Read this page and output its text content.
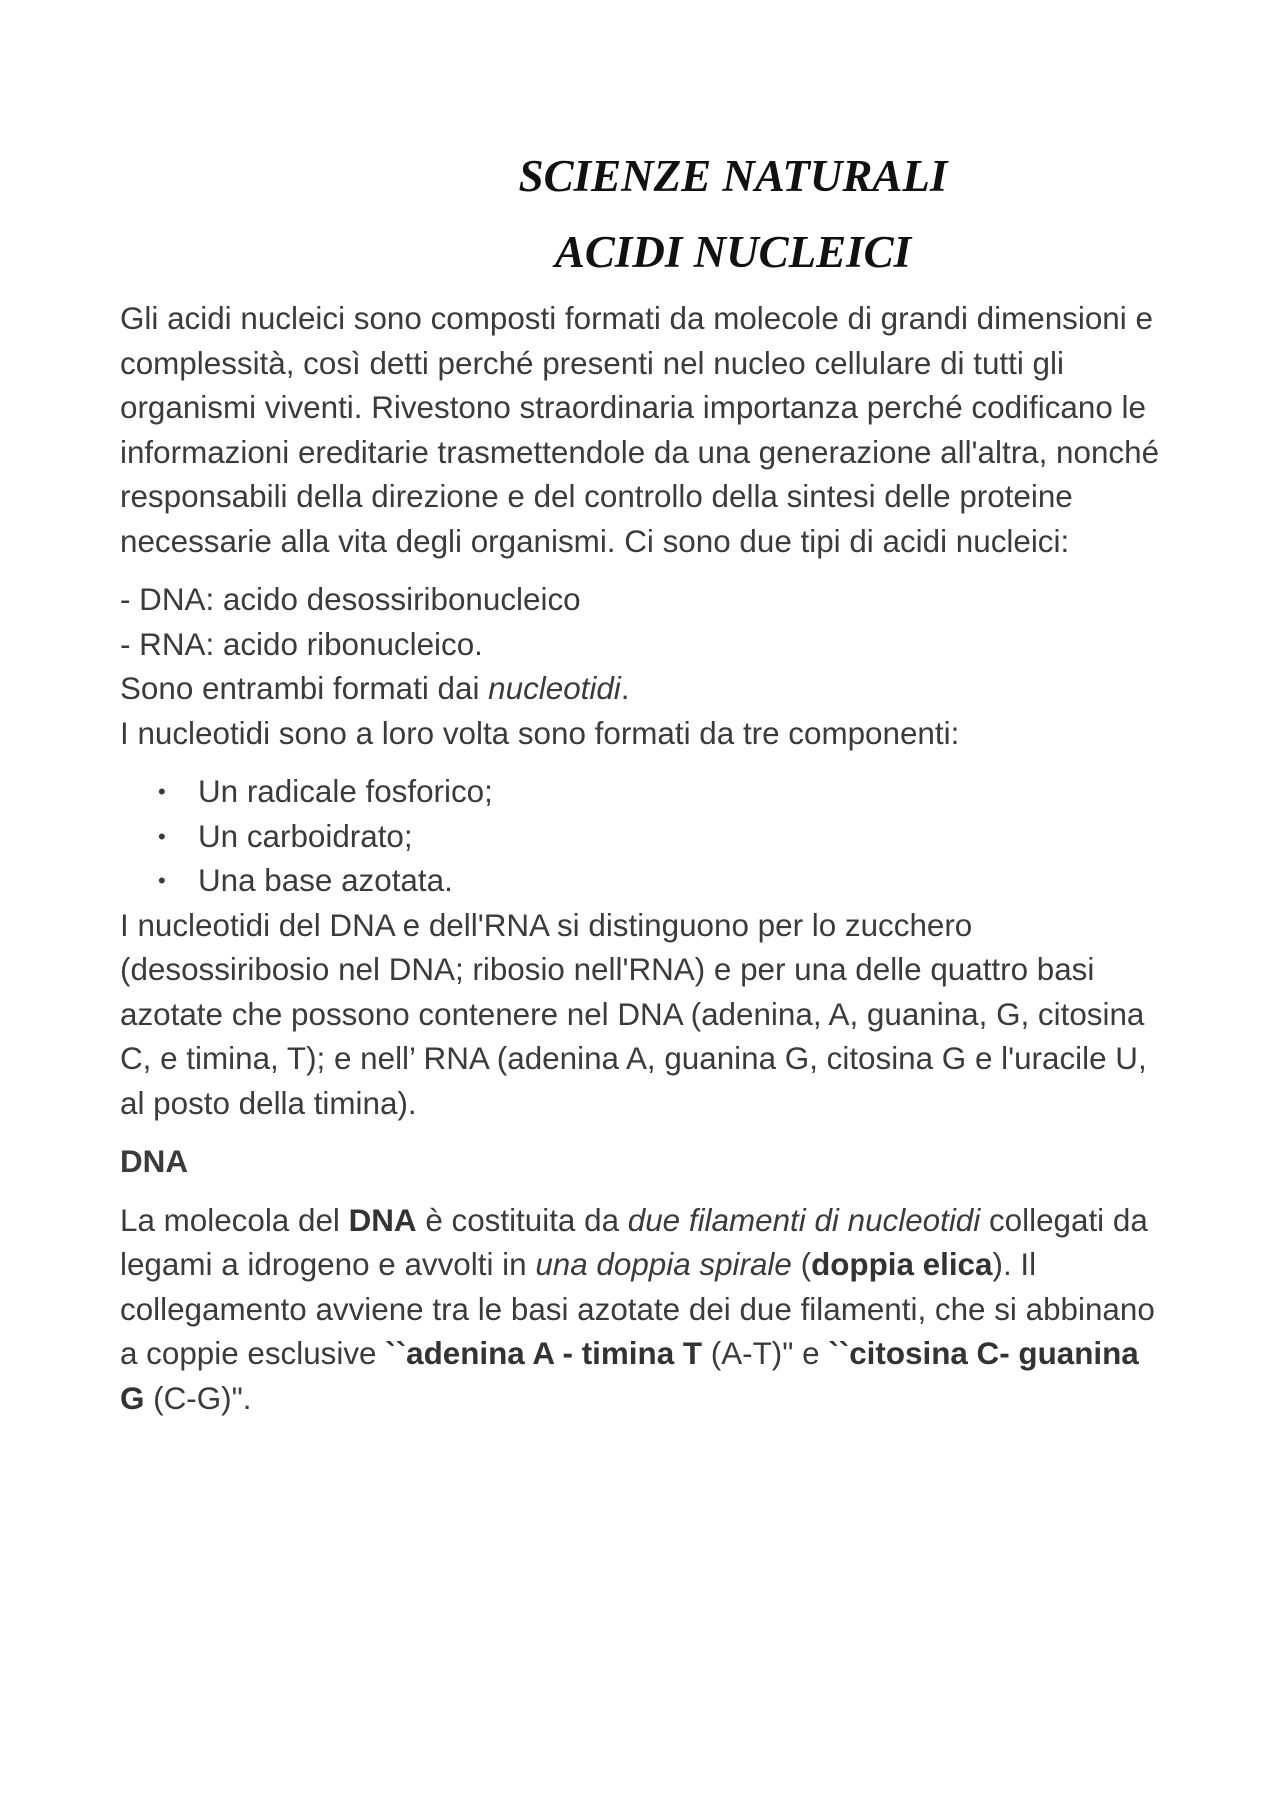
SCIENZE NATURALI
ACIDI NUCLEICI

Gli acidi nucleici sono composti formati da molecole di grandi dimensioni e complessità, così detti perché presenti nel nucleo cellulare di tutti gli organismi viventi. Rivestono straordinaria importanza perché codificano le informazioni ereditarie trasmettendole da una generazione all'altra, nonché responsabili della direzione e del controllo della sintesi delle proteine necessarie alla vita degli organismi. Ci sono due tipi di acidi nucleici:

- DNA: acido desossiribonucleico

- RNA: acido ribonucleico.

Sono entrambi formati dai nucleotidi.

I nucleotidi sono a loro volta sono formati da tre componenti:

• Un radicale fosforico;
• Un carboidrato;
• Una base azotata.

I nucleotidi del DNA e dell'RNA si distinguono per lo zucchero (desossiribosio nel DNA; ribosio nell'RNA) e per una delle quattro basi azotate che possono contenere nel DNA (adenina, A, guanina, G, citosina C, e timina, T); e nell’ RNA (adenina A, guanina G, citosina G e l'uracile U, al posto della timina).

DNA

La molecola del DNA è costituita da due filamenti di nucleotidi collegati da legami a idrogeno e avvolti in una doppia spirale (doppia elica). Il collegamento avviene tra le basi azotate dei due filamenti, che si abbinano a coppie esclusive ``adenina A - timina T (A-T)" e ``citosina C- guanina G (C-G)".
